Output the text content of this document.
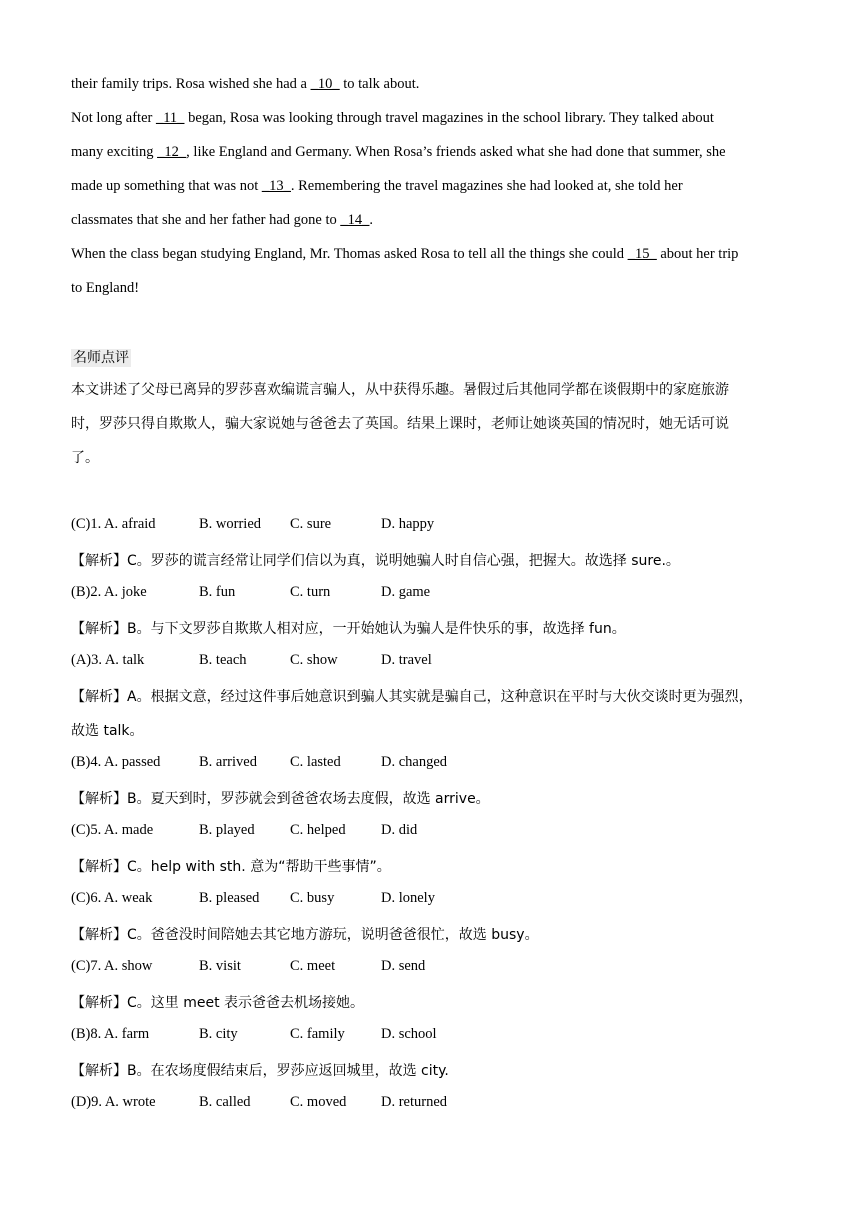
their family trips. Rosa wished she had a _10_ to talk about.
Not long after _11_ began, Rosa was looking through travel magazines in the school library. They talked about
many exciting _12_, like England and Germany. When Rosa’s friends asked what she had done that summer, she
made up something that was not _13_. Remembering the travel magazines she had looked at, she told her
classmates that she and her father had gone to _14_.
When the class began studying England, Mr. Thomas asked Rosa to tell all the things she could _15_ about her trip
to England!
名师点评
本文讲述了父母已离异的罗莎喜欢编谎言骗人，从中获得乐趣。暑假过后其他同学都在谈假期中的家庭旅游
时，罗莎只得自欺欺人，骗大家说她与爸爸去了英国。结果上课时，老师让她谈英国的情况时，她无话可说
了。
(C)1. A. afraid	B. worried C. sure	D. happy
【解析】C。罗莎的谎言经常让同学们信以为真，说明她骗人时自信心强，把握大。故选择 sure.。
(B)2. A. joke	B. fun	C. turn	D. game
【解析】B。与下文罗莎自欺欺人相对应，一开始她认为骗人是件快乐的事，故选择 fun。
(A)3. A. talk	B. teach	C. show	D. travel
【解析】A。根据文意，经过这件事后她意识到骗人其实就是骗自己，这种意识在平时与大伙交谈时更为强烈，
故选 talk。
(B)4. A. passed	B. arrived C. lasted	D. changed
【解析】B。夏天到时，罗莎就会到爸爸农场去度假，故选 arrive。
(C)5. A. made	B. played C. helped D. did
【解析】C。help with sth. 意为“帮助干些事情”。
(C)6. A. weak	B. pleased C. busy	D. lonely
【解析】C。爸爸没时间陪她去其它地方游玩，说明爸爸很忙，故选 busy。
(C)7. A. show	B. visit	C. meet	D. send
【解析】C。这里 meet 表示爸爸去机场接她。
(B)8. A. farm	B. city	C. family D. school
【解析】B。在农场度假结束后，罗莎应返回城里，故选 city.
(D)9. A. wrote	B. called	C. moved D. returned
